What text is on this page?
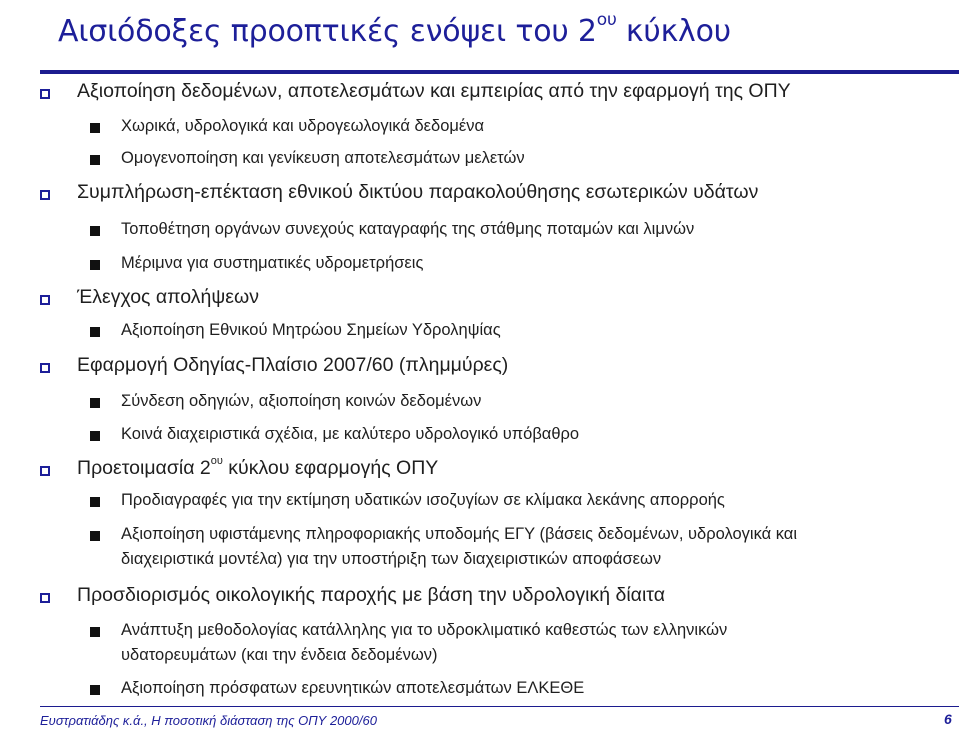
Αισιόδοξες προοπτικές ενόψει του $2^{o\upsilon}$ κύκλου
Αξιοποίηση δεδομένων, αποτελεσμάτων και εμπειρίας από την εφαρμογή της ΟΠΥ
Χωρικά, υδρολογικά και υδρογεωλογικά δεδομένα
Ομογενοποίηση και γενίκευση αποτελεσμάτων μελετών
Συμπλήρωση-επέκταση εθνικού δικτύου παρακολούθησης εσωτερικών υδάτων
Τοποθέτηση οργάνων συνεχούς καταγραφής της στάθμης ποταμών και λιμνών
Μέριμνα για συστηματικές υδρομετρήσεις
Έλεγχος απολήψεων
Αξιοποίηση Εθνικού Μητρώου Σημείων Υδροληψίας
Εφαρμογή Οδηγίας-Πλαίσιο 2007/60 (πλημμύρες)
Σύνδεση οδηγιών, αξιοποίηση κοινών δεδομένων
Κοινά διαχειριστικά σχέδια, με καλύτερο υδρολογικό υπόβαθρο
Προετοιμασία $2^{o\upsilon}$ κύκλου εφαρμογής ΟΠΥ
Προδιαγραφές για την εκτίμηση υδατικών ισοζυγίων σε κλίμακα λεκάνης απορροής
Αξιοποίηση υφιστάμενης πληροφοριακής υποδομής ΕΓΥ (βάσεις δεδομένων, υδρολογικά και
διαχειριστικά μοντέλα) για την υποστήριξη των διαχειριστικών αποφάσεων
Προσδιορισμός οικολογικής παροχής με βάση την υδρολογική δίαιτα
Ανάπτυξη μεθοδολογίας κατάλληλης για το υδροκλιματικό καθεστώς των ελληνικών
υδατορευμάτων (και την ένδεια δεδομένων)
Αξιοποίηση πρόσφατων ερευνητικών αποτελεσμάτων ΕΛΚΕΘΕ
Ευστρατιάδης κ.ά., Η ποσοτική διάσταση της ΟΠΥ 2000/60	6
